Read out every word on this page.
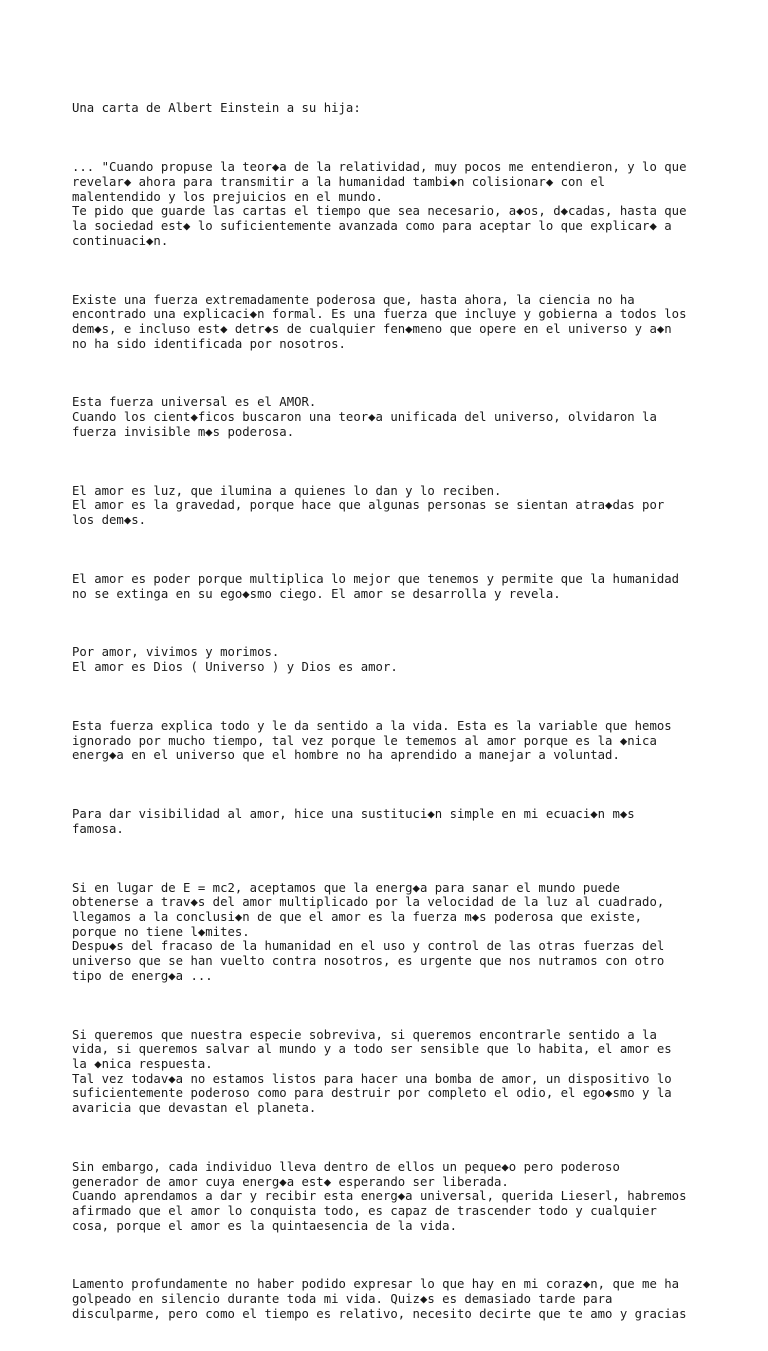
Una carta de Albert Einstein a su hija:

... "Cuando propuse la teor◆a de la relatividad, muy pocos me entendieron, y lo que
revelar◆ ahora para transmitir a la humanidad tambi◆n colisionar◆ con el
malentendido y los prejuicios en el mundo.
Te pido que guarde las cartas el tiempo que sea necesario, a◆os, d◆cadas, hasta que
la sociedad est◆ lo suficientemente avanzada como para aceptar lo que explicar◆ a
continuaci◆n.

Existe una fuerza extremadamente poderosa que, hasta ahora, la ciencia no ha
encontrado una explicaci◆n formal. Es una fuerza que incluye y gobierna a todos los
dem◆s, e incluso est◆ detr◆s de cualquier fen◆meno que opere en el universo y a◆n
no ha sido identificada por nosotros.

Esta fuerza universal es el AMOR.
Cuando los cient◆ficos buscaron una teor◆a unificada del universo, olvidaron la
fuerza invisible m◆s poderosa.

El amor es luz, que ilumina a quienes lo dan y lo reciben.
El amor es la gravedad, porque hace que algunas personas se sientan atra◆das por
los dem◆s.

El amor es poder porque multiplica lo mejor que tenemos y permite que la humanidad
no se extinga en su ego◆smo ciego. El amor se desarrolla y revela.

Por amor, vivimos y morimos.
El amor es Dios ( Universo ) y Dios es amor.

Esta fuerza explica todo y le da sentido a la vida. Esta es la variable que hemos
ignorado por mucho tiempo, tal vez porque le tememos al amor porque es la ◆nica
energ◆a en el universo que el hombre no ha aprendido a manejar a voluntad.

Para dar visibilidad al amor, hice una sustituci◆n simple en mi ecuaci◆n m◆s
famosa.

Si en lugar de E = mc2, aceptamos que la energ◆a para sanar el mundo puede
obtenerse a trav◆s del amor multiplicado por la velocidad de la luz al cuadrado,
llegamos a la conclusi◆n de que el amor es la fuerza m◆s poderosa que existe,
porque no tiene l◆mites.
Despu◆s del fracaso de la humanidad en el uso y control de las otras fuerzas del
universo que se han vuelto contra nosotros, es urgente que nos nutramos con otro
tipo de energ◆a ...

Si queremos que nuestra especie sobreviva, si queremos encontrarle sentido a la
vida, si queremos salvar al mundo y a todo ser sensible que lo habita, el amor es
la ◆nica respuesta.
Tal vez todav◆a no estamos listos para hacer una bomba de amor, un dispositivo lo
suficientemente poderoso como para destruir por completo el odio, el ego◆smo y la
avaricia que devastan el planeta.

Sin embargo, cada individuo lleva dentro de ellos un peque◆o pero poderoso
generador de amor cuya energ◆a est◆ esperando ser liberada.
Cuando aprendamos a dar y recibir esta energ◆a universal, querida Lieserl, habremos
afirmado que el amor lo conquista todo, es capaz de trascender todo y cualquier
cosa, porque el amor es la quintaesencia de la vida.

Lamento profundamente no haber podido expresar lo que hay en mi coraz◆n, que me ha
golpeado en silencio durante toda mi vida. Quiz◆s es demasiado tarde para
disculparme, pero como el tiempo es relativo, necesito decirte que te amo y gracias
